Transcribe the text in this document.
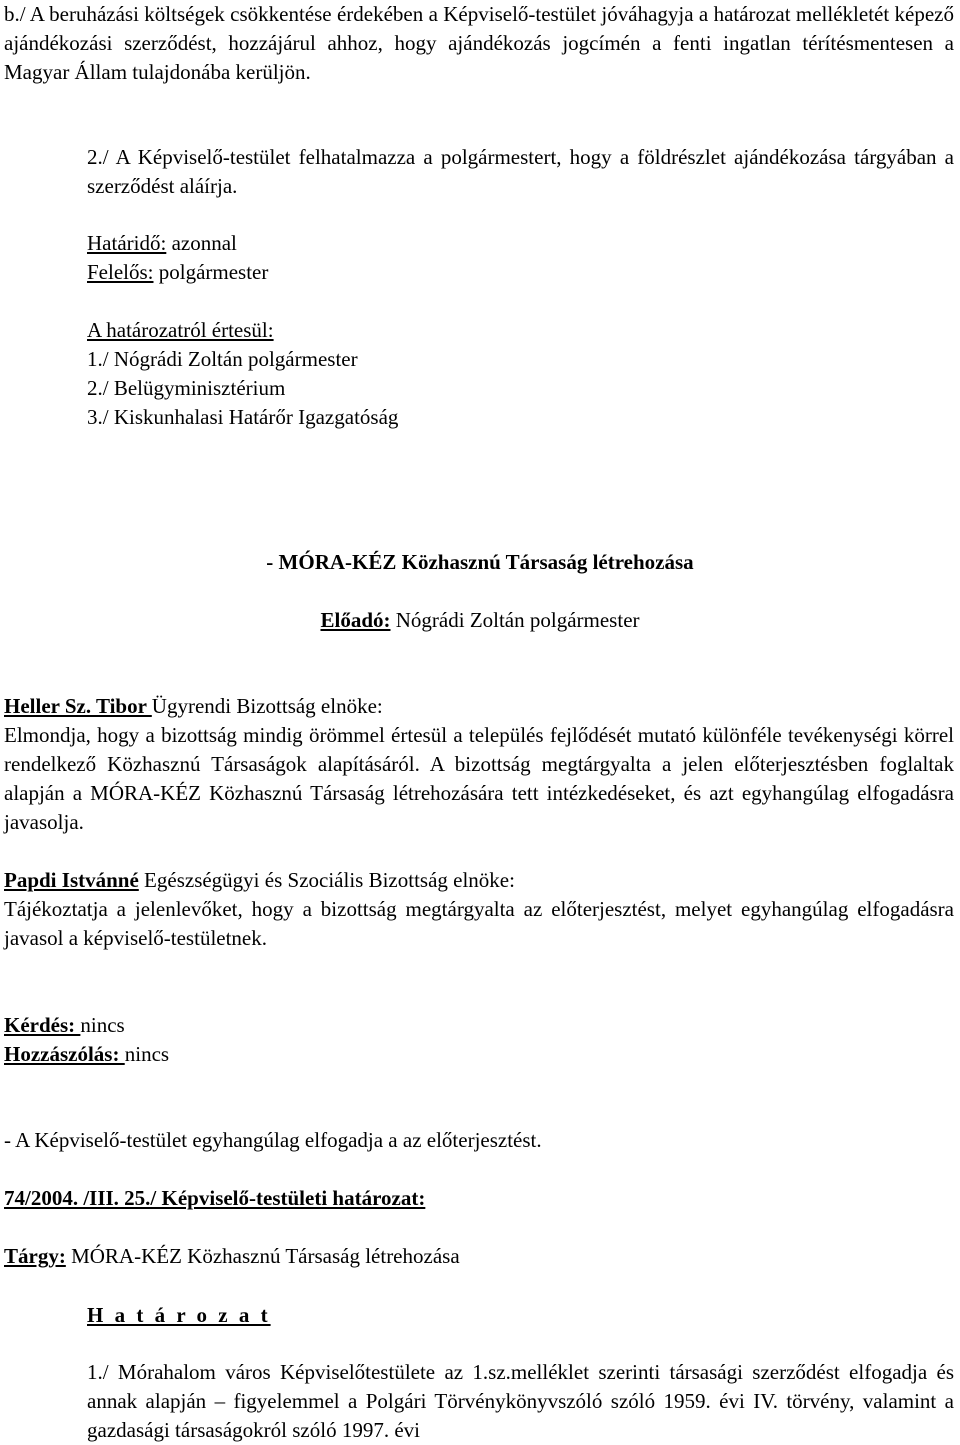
b./ A beruházási költségek csökkentése érdekében a Képviselő-testület jóváhagyja a határozat mellékletét képező ajándékozási szerződést, hozzájárul ahhoz, hogy ajándékozás jogcímén a fenti ingatlan térítésmentesen a Magyar Állam tulajdonába kerüljön.

2./ A Képviselő-testület felhatalmazza a polgármestert, hogy a földrészlet ajándékozása tárgyában a szerződést aláírja.

Határidő: azonnal

Felelős: polgármester

A határozatról értesül:

1./ Nógrádi Zoltán polgármester

2./ Belügyminisztérium

3./ Kiskunhalasi Határőr Igazgatóság

- MÓRA-KÉZ Közhasznú Társaság létrehozása

Előadó: Nógrádi Zoltán polgármester

Heller Sz. Tibor Ügyrendi Bizottság elnöke:

Elmondja, hogy a bizottság mindig örömmel értesül a település fejlődését mutató különféle tevékenységi körrel rendelkező Közhasznú Társaságok alapításáról. A bizottság megtárgyalta a jelen előterjesztésben foglaltak alapján a MÓRA-KÉZ Közhasznú Társaság létrehozására tett intézkedéseket, és azt egyhangúlag elfogadásra javasolja.

Papdi Istvánné Egészségügyi és Szociális Bizottság elnöke:

Tájékoztatja a jelenlevőket, hogy a bizottság megtárgyalta az előterjesztést, melyet egyhangúlag elfogadásra javasol a képviselő-testületnek.

Kérdés: nincs

Hozzászólás: nincs

- A Képviselő-testület egyhangúlag elfogadja a az előterjesztést.

74/2004. /III. 25./ Képviselő-testületi határozat:

Tárgy: MÓRA-KÉZ Közhasznú Társaság létrehozása

H a t á r o z a t

1./ Mórahalom város Képviselőtestülete az 1.sz.melléklet szerinti társasági szerződést elfogadja és annak alapján – figyelemmel a Polgári Törvénykönyvszóló szóló 1959. évi IV. törvény, valamint a gazdasági társaságokról szóló 1997. évi
